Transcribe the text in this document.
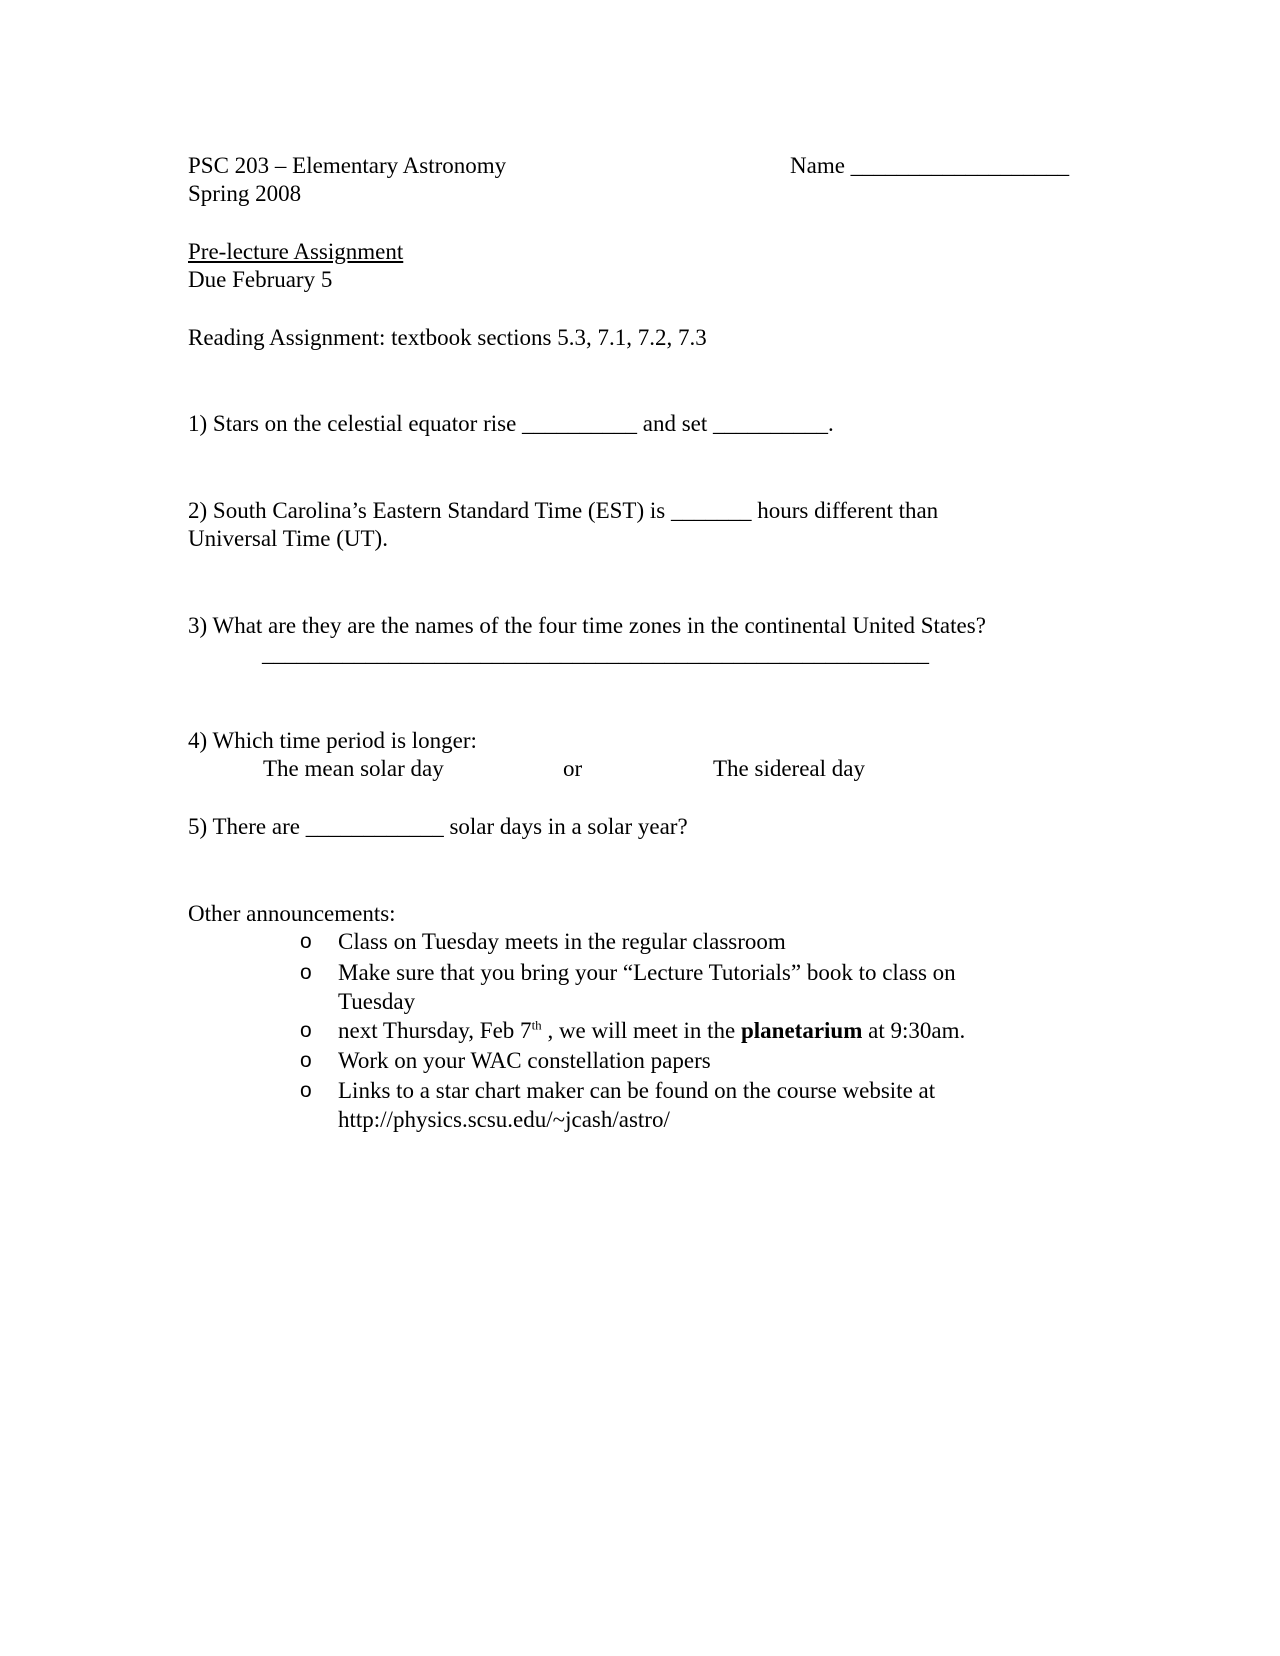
PSC 203 – Elementary Astronomy	Name ___________________
Spring 2008
Pre-lecture Assignment
Due February 5
Reading Assignment: textbook sections 5.3, 7.1, 7.2, 7.3
1) Stars on the celestial equator rise __________ and set __________.
2) South Carolina’s Eastern Standard Time (EST) is _______ hours different than
Universal Time (UT).
3) What are they are the names of the four time zones in the continental United States?
__________________________________________________________
4) Which time period is longer:
The mean solar day	or	The sidereal day
5) There are ____________ solar days in a solar year?
Other announcements:
o Class on Tuesday meets in the regular classroom
o Make sure that you bring your “Lecture Tutorials” book to class on
Tuesday
o next Thursday, Feb 7th , we will meet in the planetarium at 9:30am.
o Work on your WAC constellation papers
o Links to a star chart maker can be found on the course website at
http://physics.scsu.edu/~jcash/astro/
